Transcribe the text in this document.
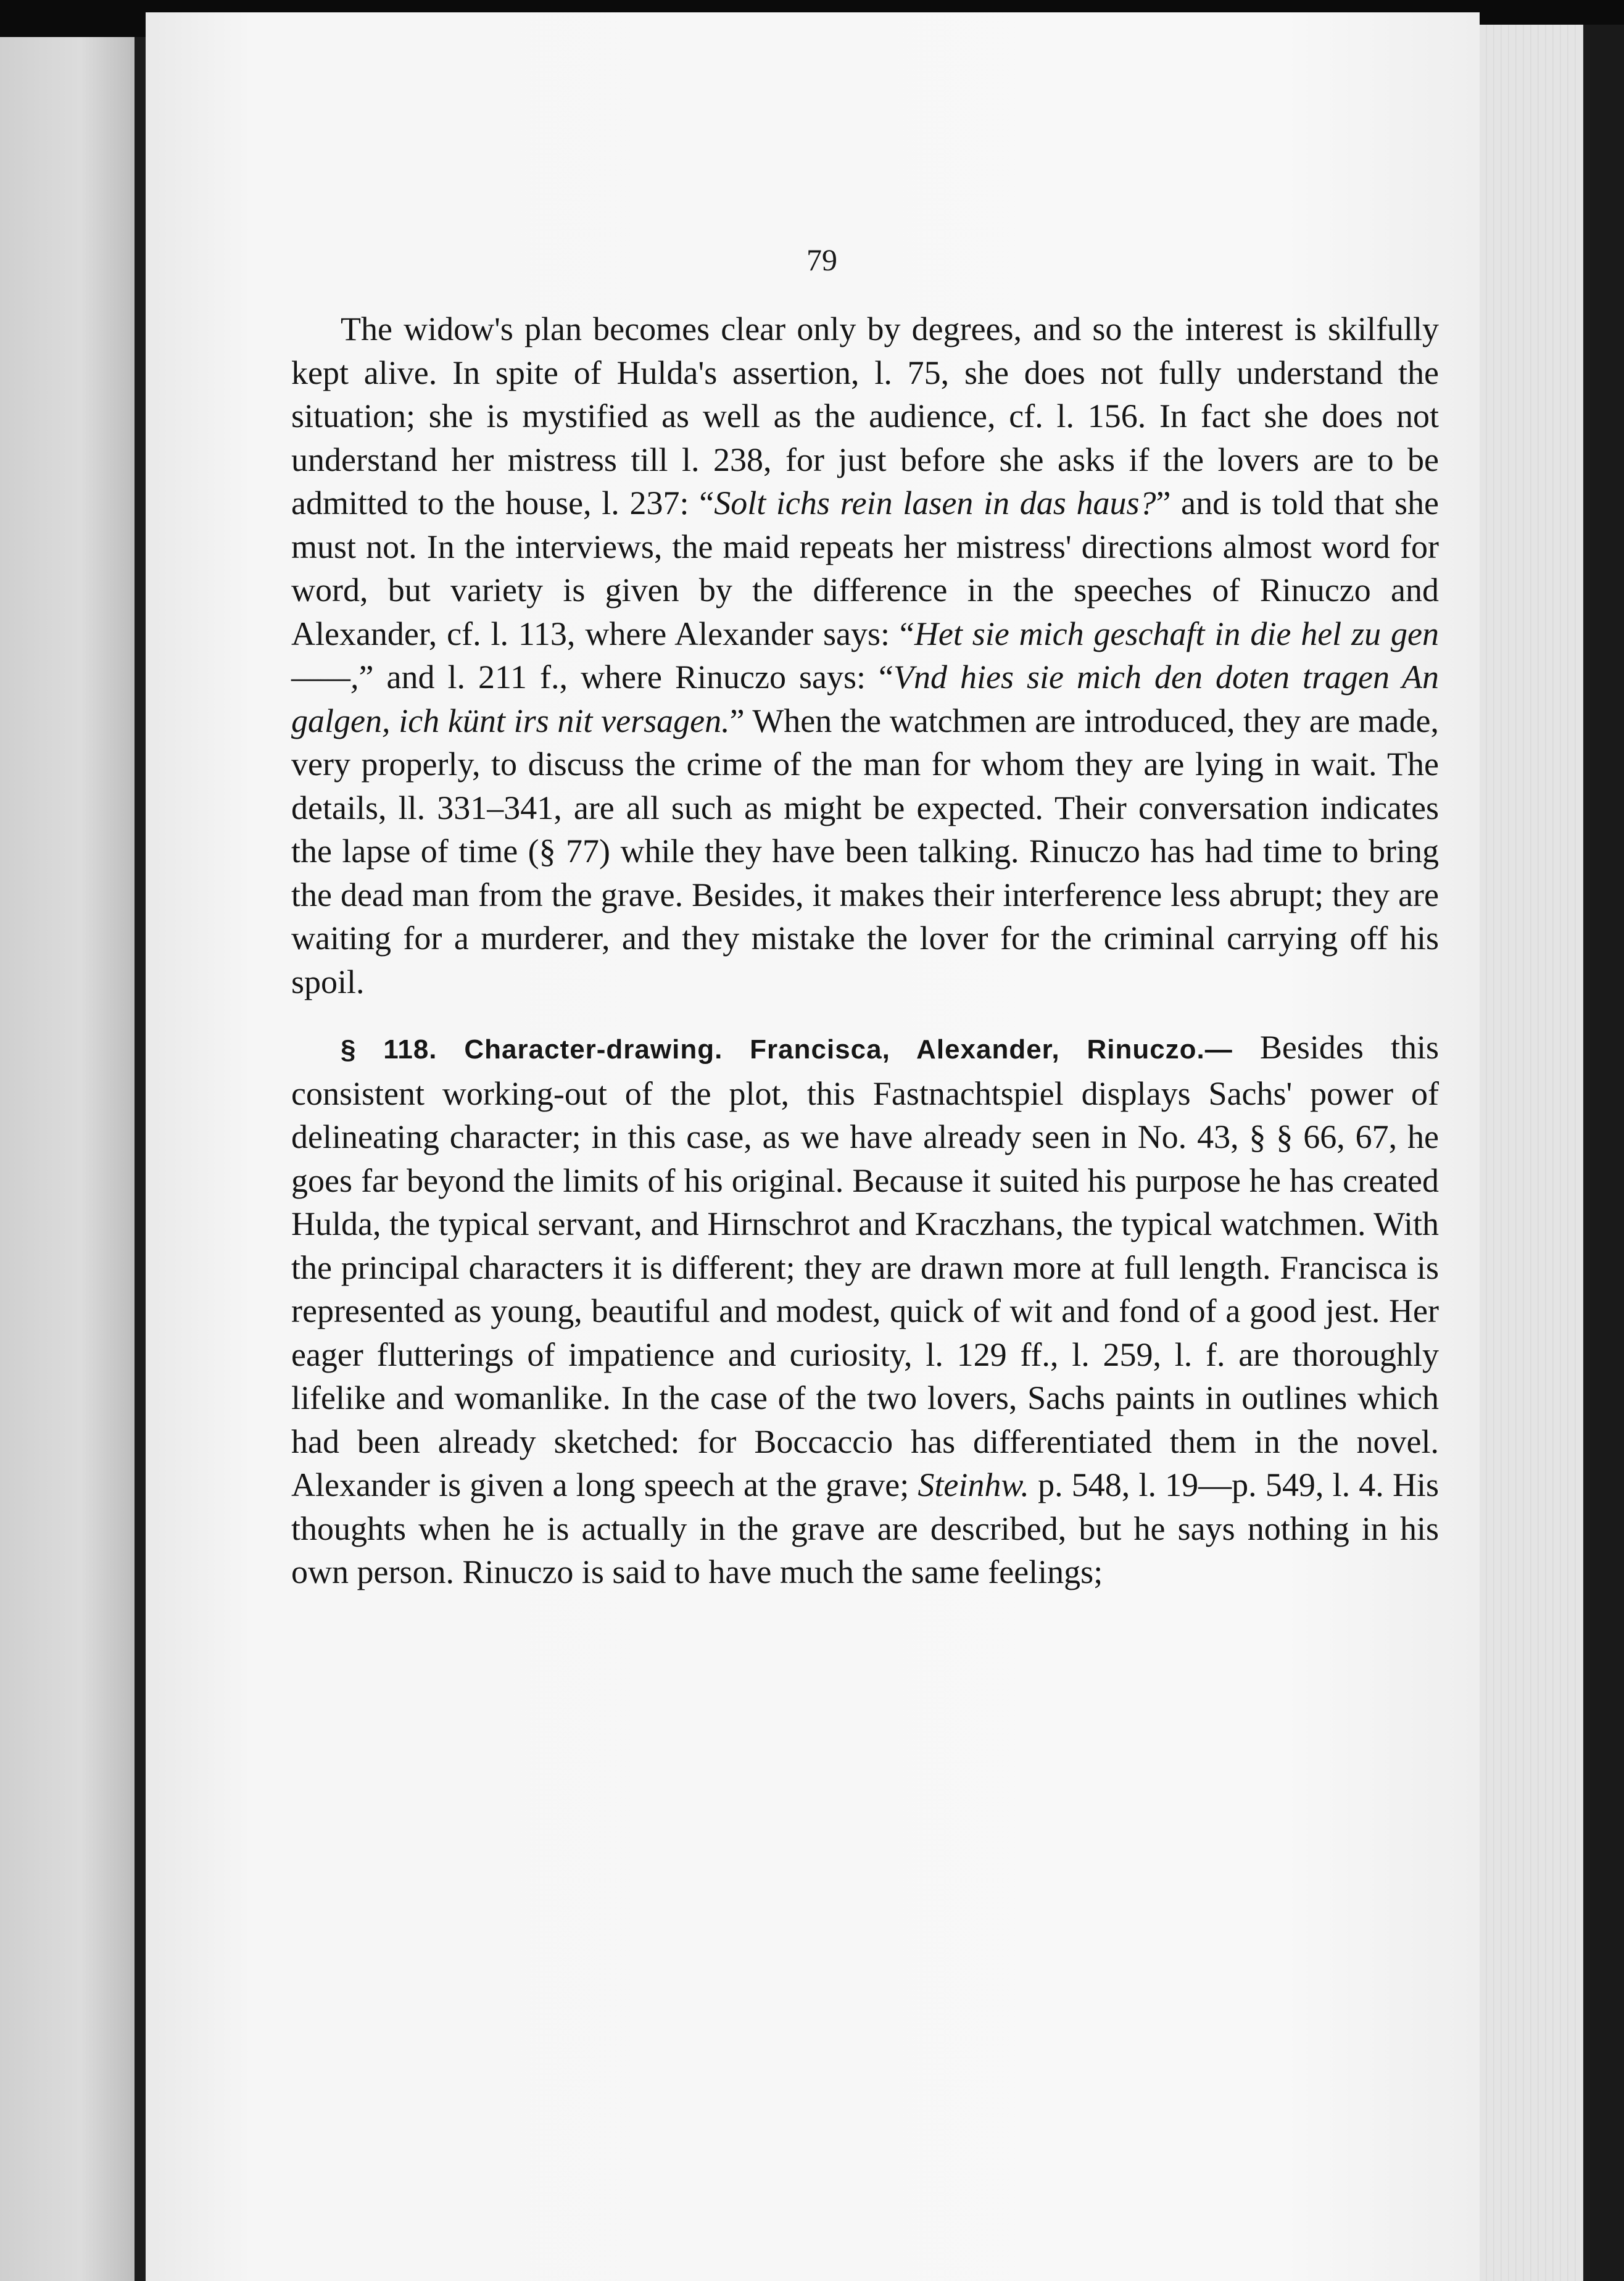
79

The widow's plan becomes clear only by degrees, and so the interest is skilfully kept alive. In spite of Hulda's assertion, l. 75, she does not fully understand the situation; she is mystified as well as the audience, cf. l. 156. In fact she does not understand her mistress till l. 238, for just before she asks if the lovers are to be admitted to the house, l. 237: “Solt ichs rein lasen in das haus?” and is told that she must not. In the interviews, the maid repeats her mistress' directions almost word for word, but variety is given by the difference in the speeches of Rinuczo and Alexander, cf. l. 113, where Alexander says: “Het sie mich geschaft in die hel zu gen ——,” and l. 211 f., where Rinuczo says: “Vnd hies sie mich den doten tragen An galgen, ich künt irs nit versagen.” When the watchmen are introduced, they are made, very properly, to discuss the crime of the man for whom they are lying in wait. The details, ll. 331–341, are all such as might be expected. Their conversation indicates the lapse of time (§ 77) while they have been talking. Rinuczo has had time to bring the dead man from the grave. Besides, it makes their interference less abrupt; they are waiting for a murderer, and they mistake the lover for the criminal carrying off his spoil.

§ 118. Character-drawing. Francisca, Alexander, Rinuczo.— Besides this consistent working-out of the plot, this Fastnachtspiel displays Sachs' power of delineating character; in this case, as we have already seen in No. 43, § § 66, 67, he goes far beyond the limits of his original. Because it suited his purpose he has created Hulda, the typical servant, and Hirnschrot and Kraczhans, the typical watchmen. With the principal characters it is different; they are drawn more at full length. Francisca is represented as young, beautiful and modest, quick of wit and fond of a good jest. Her eager flutterings of impatience and curiosity, l. 129 ff., l. 259, l. f. are thoroughly lifelike and womanlike. In the case of the two lovers, Sachs paints in outlines which had been already sketched: for Boccaccio has differentiated them in the novel. Alexander is given a long speech at the grave; Steinhw. p. 548, l. 19—p. 549, l. 4. His thoughts when he is actually in the grave are described, but he says nothing in his own person. Rinuczo is said to have much the same feelings;
